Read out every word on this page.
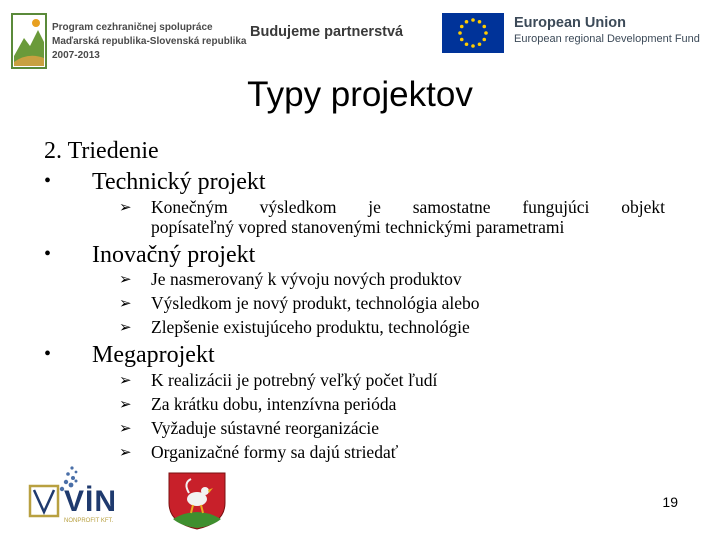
Program cezhraničnej spolupráce
Maďarská republika-Slovenská republika
2007-2013
Budujeme partnerstvá
European Union
European regional Development Fund
Typy projektov
2. Triedenie
• Technický projekt
➢ Konečným výsledkom je samostatne fungujúci objekt
popísateľný vopred stanovenými technickými parametrami
• Inovačný projekt
➢ Je nasmerovaný k vývoju nových produktov
➢ Výsledkom je nový produkt, technológia alebo
➢ Zlepšenie existujúceho produktu, technológie
• Megaprojekt
➢ K realizácii je potrebný veľký počet ľudí
➢ Za krátku dobu, intenzívna perióda
➢ Vyžaduje sústavné reorganizácie
➢ Organizačné formy sa dajú striedať
VİN
NONPROFIT KFT.
19
